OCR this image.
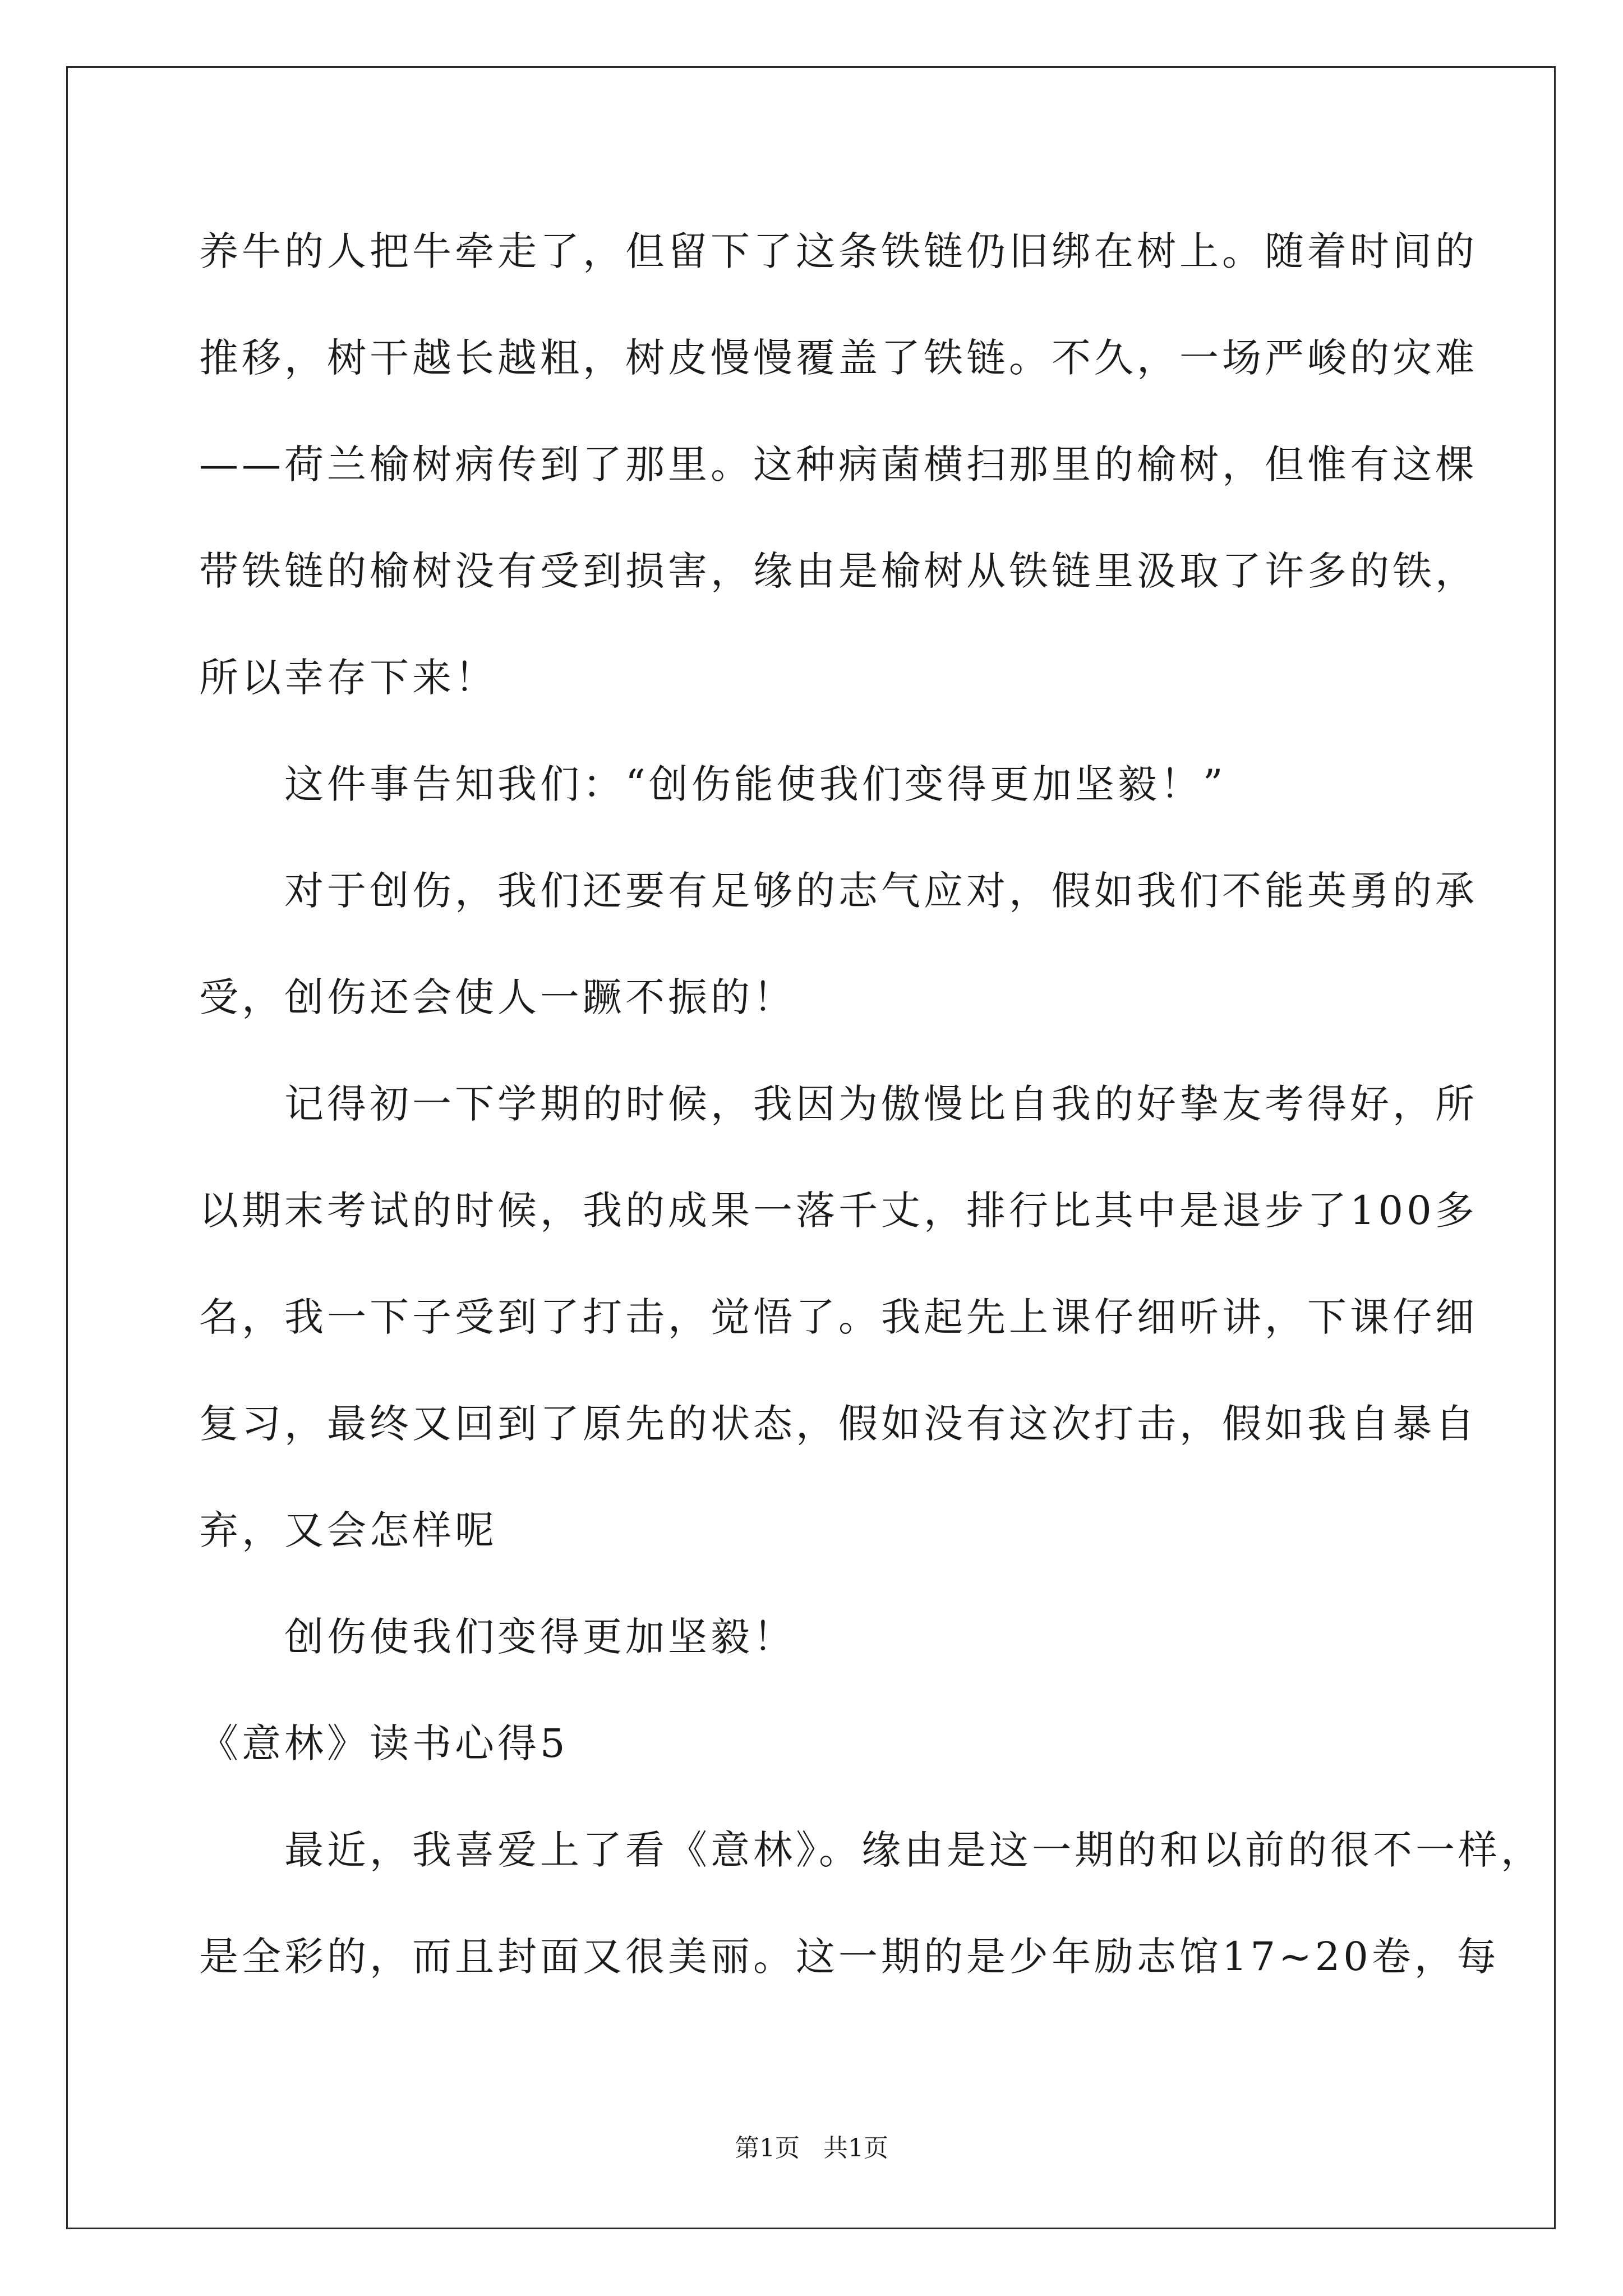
养牛的人把牛牵走了，但留下了这条铁链仍旧绑在树上。随着时间的
推移，树干越长越粗，树皮慢慢覆盖了铁链。不久，一场严峻的灾难
——荷兰榆树病传到了那里。这种病菌横扫那里的榆树，但惟有这棵
带铁链的榆树没有受到损害，缘由是榆树从铁链里汲取了许多的铁，
所以幸存下来！
　　这件事告知我们：“创伤能使我们变得更加坚毅！”
　　对于创伤，我们还要有足够的志气应对，假如我们不能英勇的承
受，创伤还会使人一蹶不振的！
　　记得初一下学期的时候，我因为傲慢比自我的好挚友考得好，所
以期末考试的时候，我的成果一落千丈，排行比其中是退步了100多
名，我一下子受到了打击，觉悟了。我起先上课仔细听讲，下课仔细
复习，最终又回到了原先的状态，假如没有这次打击，假如我自暴自
弃，又会怎样呢
　　创伤使我们变得更加坚毅！
《意林》读书心得5
　　最近，我喜爱上了看《意林》。缘由是这一期的和以前的很不一样，
是全彩的，而且封面又很美丽。这一期的是少年励志馆17~20卷，每
第1页   共1页
